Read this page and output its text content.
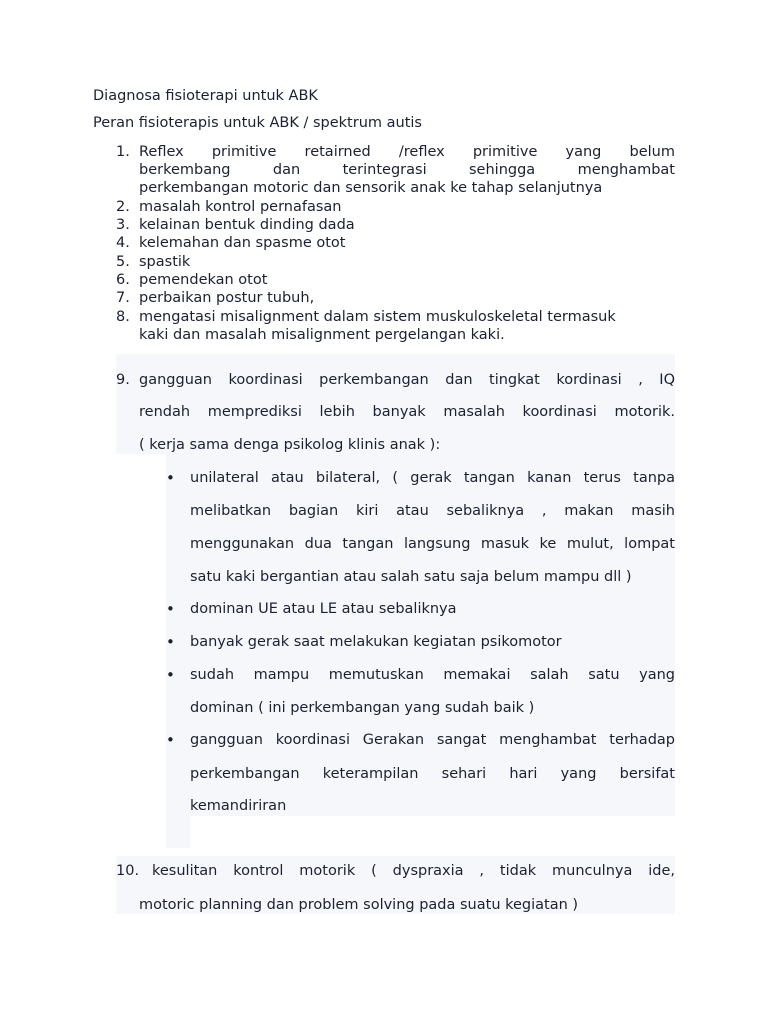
Diagnosa fisioterapi untuk ABK
Peran fisioterapis untuk ABK / spektrum autis
1. Reflex primitive retairned /reflex primitive yang belum
berkembang dan terintegrasi sehingga menghambat
perkembangan motoric dan sensorik anak ke tahap selanjutnya
2. masalah kontrol pernafasan
3. kelainan bentuk dinding dada
4. kelemahan dan spasme otot
5. spastik
6. pemendekan otot
7. perbaikan postur tubuh,
8. mengatasi misalignment dalam sistem muskuloskeletal termasuk
kaki dan masalah misalignment pergelangan kaki.
9. gangguan koordinasi perkembangan dan tingkat kordinasi , IQ
rendah memprediksi lebih banyak masalah koordinasi motorik.
( kerja sama denga psikolog klinis anak ):
• unilateral atau bilateral, ( gerak tangan kanan terus tanpa
melibatkan bagian kiri atau sebaliknya , makan masih
menggunakan dua tangan langsung masuk ke mulut, lompat
satu kaki bergantian atau salah satu saja belum mampu dll )
• dominan UE atau LE atau sebaliknya
• banyak gerak saat melakukan kegiatan psikomotor
• sudah mampu memutuskan memakai salah satu yang
dominan ( ini perkembangan yang sudah baik )
• gangguan koordinasi Gerakan sangat menghambat terhadap
perkembangan keterampilan sehari hari yang bersifat
kemandiriran
10. kesulitan kontrol motorik ( dyspraxia , tidak munculnya ide,
motoric planning dan problem solving pada suatu kegiatan )
